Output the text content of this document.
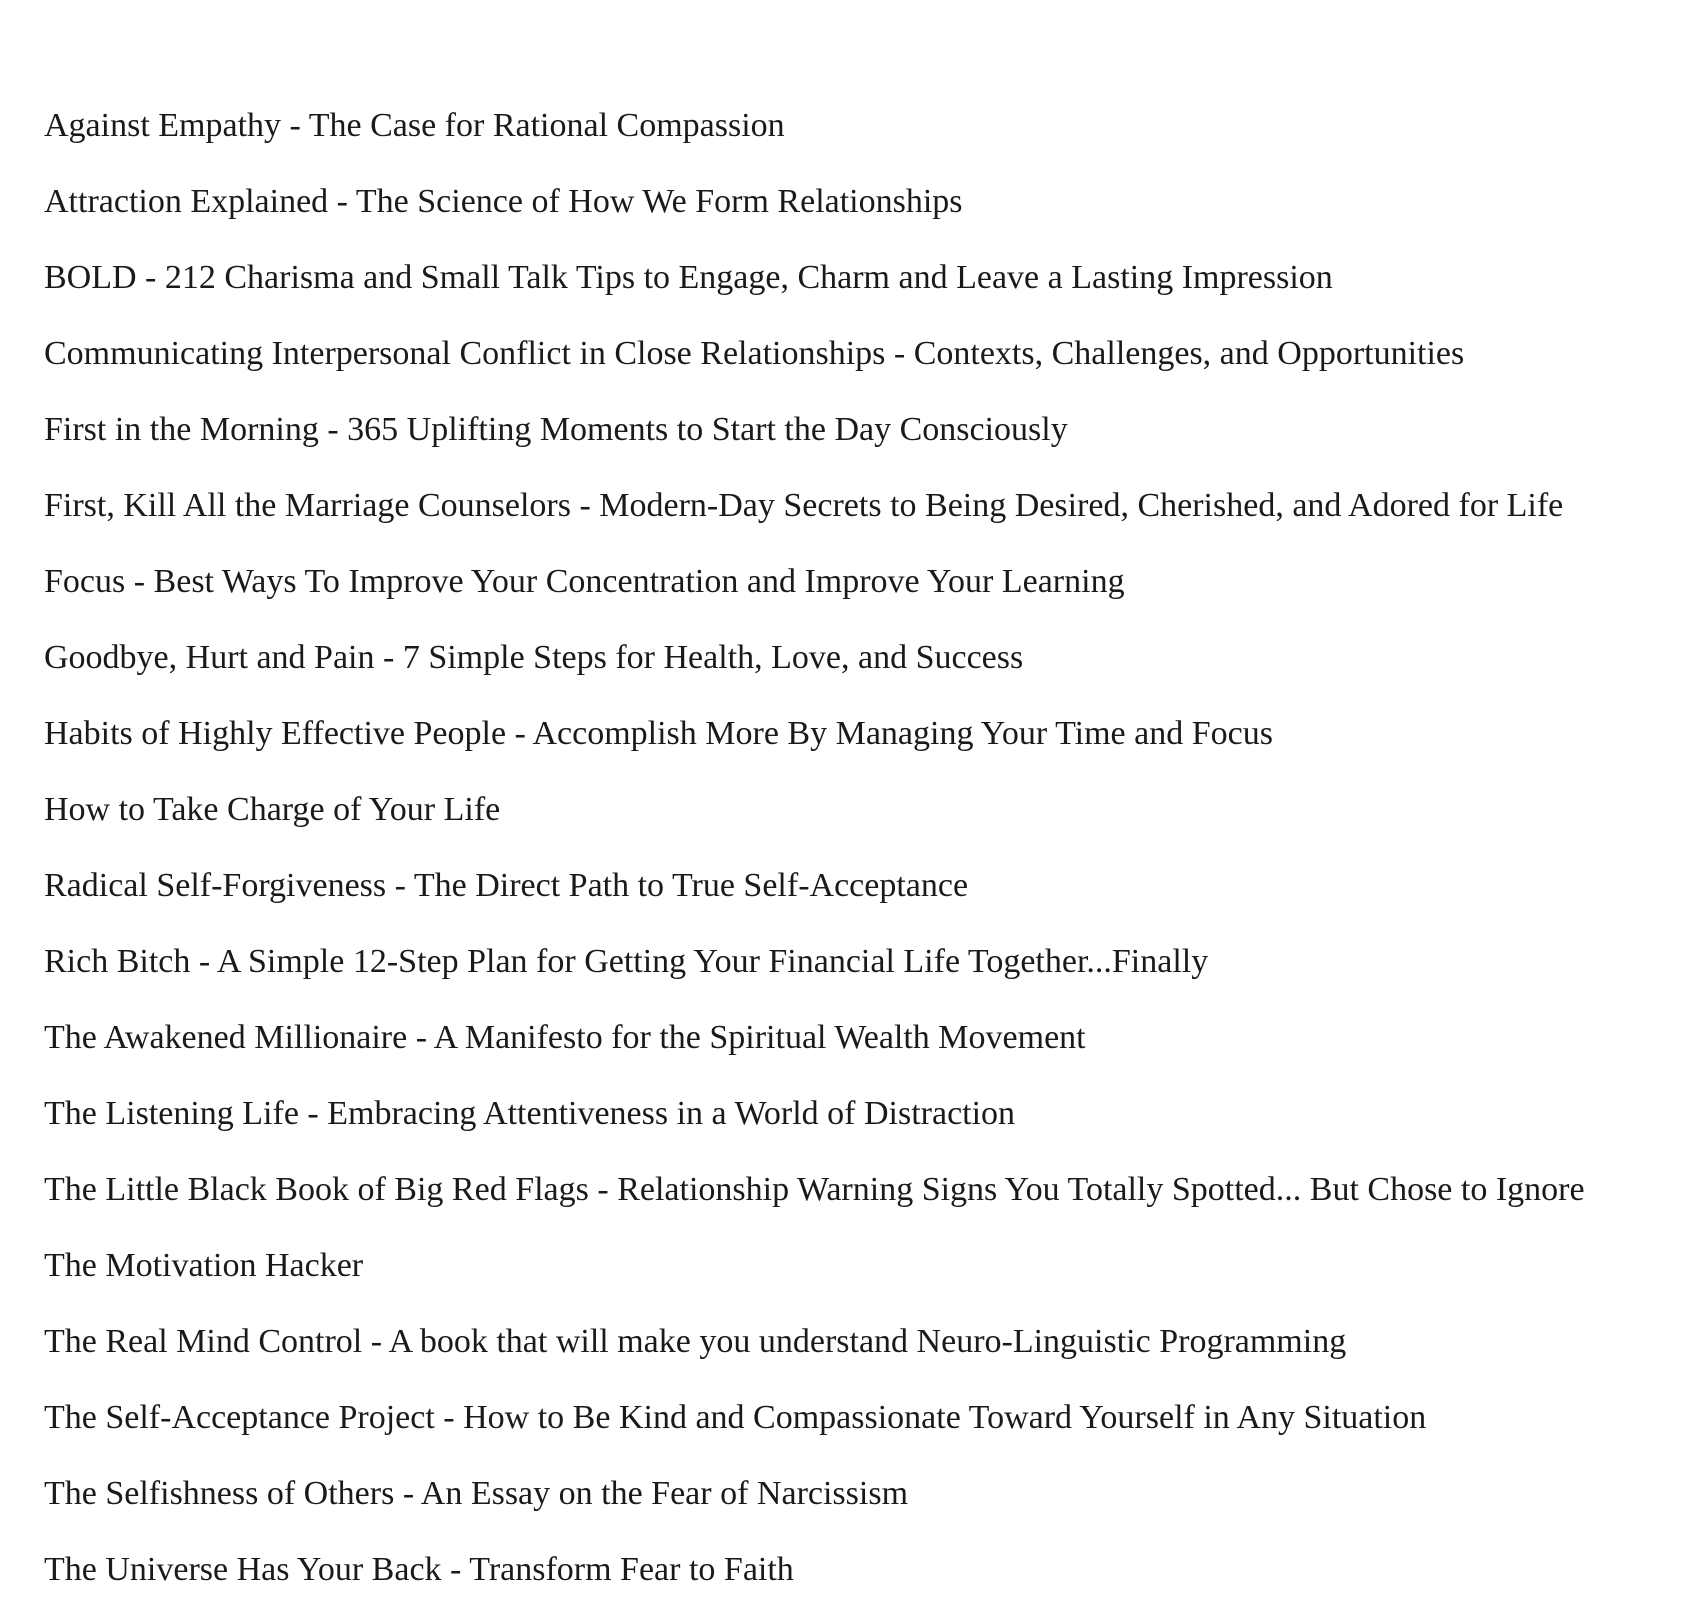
Against Empathy - The Case for Rational Compassion
Attraction Explained - The Science of How We Form Relationships
BOLD - 212 Charisma and Small Talk Tips to Engage, Charm and Leave a Lasting Impression
Communicating Interpersonal Conflict in Close Relationships - Contexts, Challenges, and Opportunities
First in the Morning - 365 Uplifting Moments to Start the Day Consciously
First, Kill All the Marriage Counselors - Modern-Day Secrets to Being Desired, Cherished, and Adored for Life
Focus - Best Ways To Improve Your Concentration and Improve Your Learning
Goodbye, Hurt and Pain - 7 Simple Steps for Health, Love, and Success
Habits of Highly Effective People - Accomplish More By Managing Your Time and Focus
How to Take Charge of Your Life
Radical Self-Forgiveness - The Direct Path to True Self-Acceptance
Rich Bitch - A Simple 12-Step Plan for Getting Your Financial Life Together...Finally
The Awakened Millionaire - A Manifesto for the Spiritual Wealth Movement
The Listening Life - Embracing Attentiveness in a World of Distraction
The Little Black Book of Big Red Flags - Relationship Warning Signs You Totally Spotted... But Chose to Ignore
The Motivation Hacker
The Real Mind Control - A book that will make you understand Neuro-Linguistic Programming
The Self-Acceptance Project - How to Be Kind and Compassionate Toward Yourself in Any Situation
The Selfishness of Others - An Essay on the Fear of Narcissism
The Universe Has Your Back - Transform Fear to Faith
